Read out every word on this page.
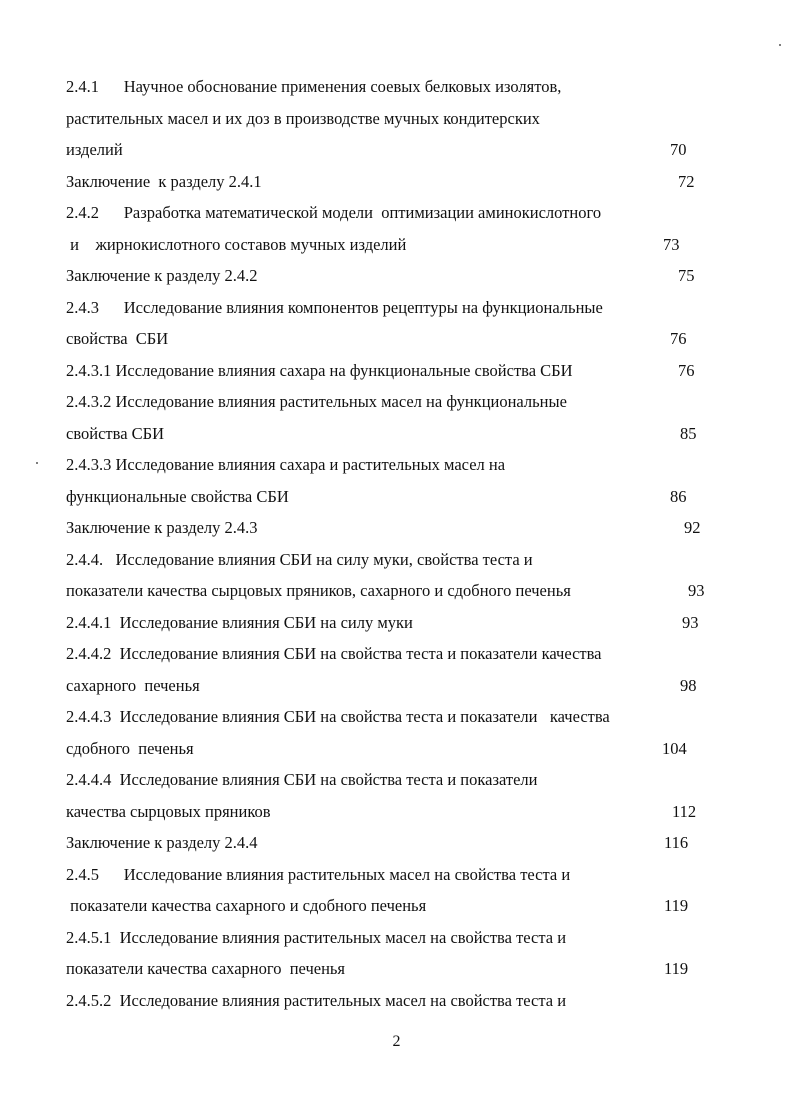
2.4.1      Научное обоснование применения соевых белковых изолятов,
растительных масел и их доз в производстве мучных кондитерских
изделий	70
Заключение  к разделу 2.4.1	72
2.4.2      Разработка математической модели  оптимизации аминокислотного
и    жирнокислотного составов мучных изделий	73
Заключение к разделу 2.4.2	75
2.4.3      Исследование влияния компонентов рецептуры на функциональные
свойства  СБИ	76
2.4.3.1 Исследование влияния сахара на функциональные свойства СБИ	76
2.4.3.2 Исследование влияния растительных масел на функциональные
свойства СБИ	85
2.4.3.3 Исследование влияния сахара и растительных масел на
функциональные свойства СБИ	86
Заключение к разделу 2.4.3	92
2.4.4.   Исследование влияния СБИ на силу муки, свойства теста и
показатели качества сырцовых пряников, сахарного и сдобного печенья	93
2.4.4.1  Исследование влияния СБИ на силу муки	93
2.4.4.2  Исследование влияния СБИ на свойства теста и показатели качества
сахарного  печенья	98
2.4.4.3  Исследование влияния СБИ на свойства теста и показатели   качества
сдобного  печенья	104
2.4.4.4  Исследование влияния СБИ на свойства теста и показатели
качества сырцовых пряников	112
Заключение к разделу 2.4.4	116
2.4.5      Исследование влияния растительных масел на свойства теста и
показатели качества сахарного и сдобного печенья	119
2.4.5.1  Исследование влияния растительных масел на свойства теста и
показатели качества сахарного  печенья	119
2.4.5.2  Исследование влияния растительных масел на свойства теста и
2
